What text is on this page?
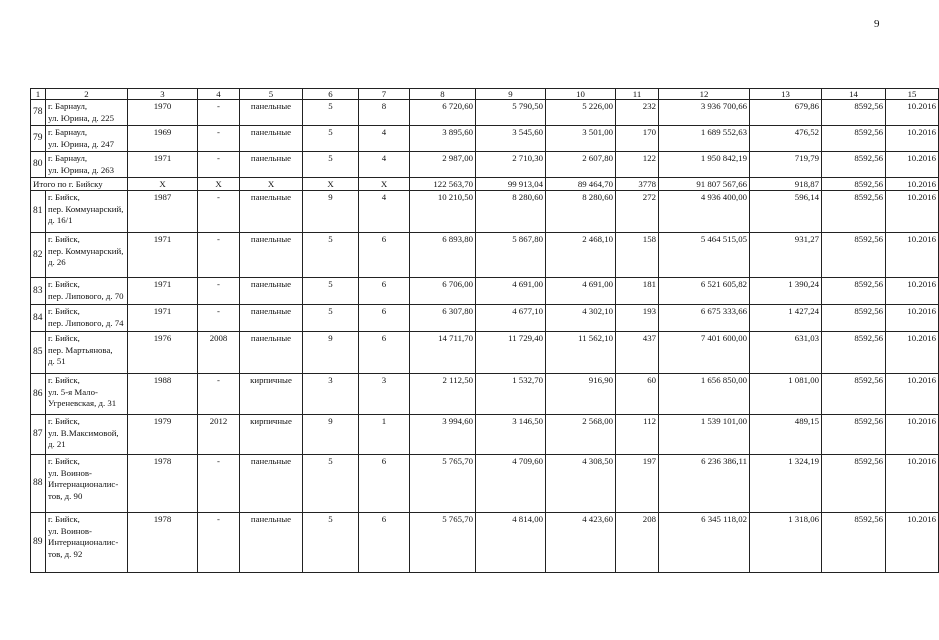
9
1	2	3	4	5	6	7	8	9	10	11	12	13	14	15
78	г. Барнаул,
ул. Юрина, д. 225	1970	-	панельные	5	8	6 720,60	5 790,50	5 226,00	232	3 936 700,66	679,86	8592,56	10.2016
79	г. Барнаул,
ул. Юрина, д. 247	1969	-	панельные	5	4	3 895,60	3 545,60	3 501,00	170	1 689 552,63	476,52	8592,56	10.2016
80	г. Барнаул,
ул. Юрина, д. 263	1971	-	панельные	5	4	2 987,00	2 710,30	2 607,80	122	1 950 842,19	719,79	8592,56	10.2016
Итого по г. Бийску		X	X	X	X	X	122 563,70	99 913,04	89 464,70	3778	91 807 567,66	918,87	8592,56	10.2016
81	г. Бийск,
пер. Коммунарский,
д. 16/1	1987	-	панельные	9	4	10 210,50	8 280,60	8 280,60	272	4 936 400,00	596,14	8592,56	10.2016
82	г. Бийск,
пер. Коммунарский,
д. 26	1971	-	панельные	5	6	6 893,80	5 867,80	2 468,10	158	5 464 515,05	931,27	8592,56	10.2016
83	г. Бийск,
пер. Липового, д. 70	1971	-	панельные	5	6	6 706,00	4 691,00	4 691,00	181	6 521 605,82	1 390,24	8592,56	10.2016
84	г. Бийск,
пер. Липового, д. 74	1971	-	панельные	5	6	6 307,80	4 677,10	4 302,10	193	6 675 333,66	1 427,24	8592,56	10.2016
85	г. Бийск,
пер. Мартьянова,
д. 51	1976	2008	панельные	9	6	14 711,70	11 729,40	11 562,10	437	7 401 600,00	631,03	8592,56	10.2016
86	г. Бийск,
ул. 5-я Мало-
Угреневская, д. 31	1988	-	кирпичные	3	3	2 112,50	1 532,70	916,90	60	1 656 850,00	1 081,00	8592,56	10.2016
87	г. Бийск,
ул. В.Максимовой,
д. 21	1979	2012	кирпичные	9	1	3 994,60	3 146,50	2 568,00	112	1 539 101,00	489,15	8592,56	10.2016
88	г. Бийск,
ул. Воинов-
Интернационалис-
тов, д. 90	1978	-	панельные	5	6	5 765,70	4 709,60	4 308,50	197	6 236 386,11	1 324,19	8592,56	10.2016
89	г. Бийск,
ул. Воинов-
Интернационалис-
тов, д. 92	1978	-	панельные	5	6	5 765,70	4 814,00	4 423,60	208	6 345 118,02	1 318,06	8592,56	10.2016
